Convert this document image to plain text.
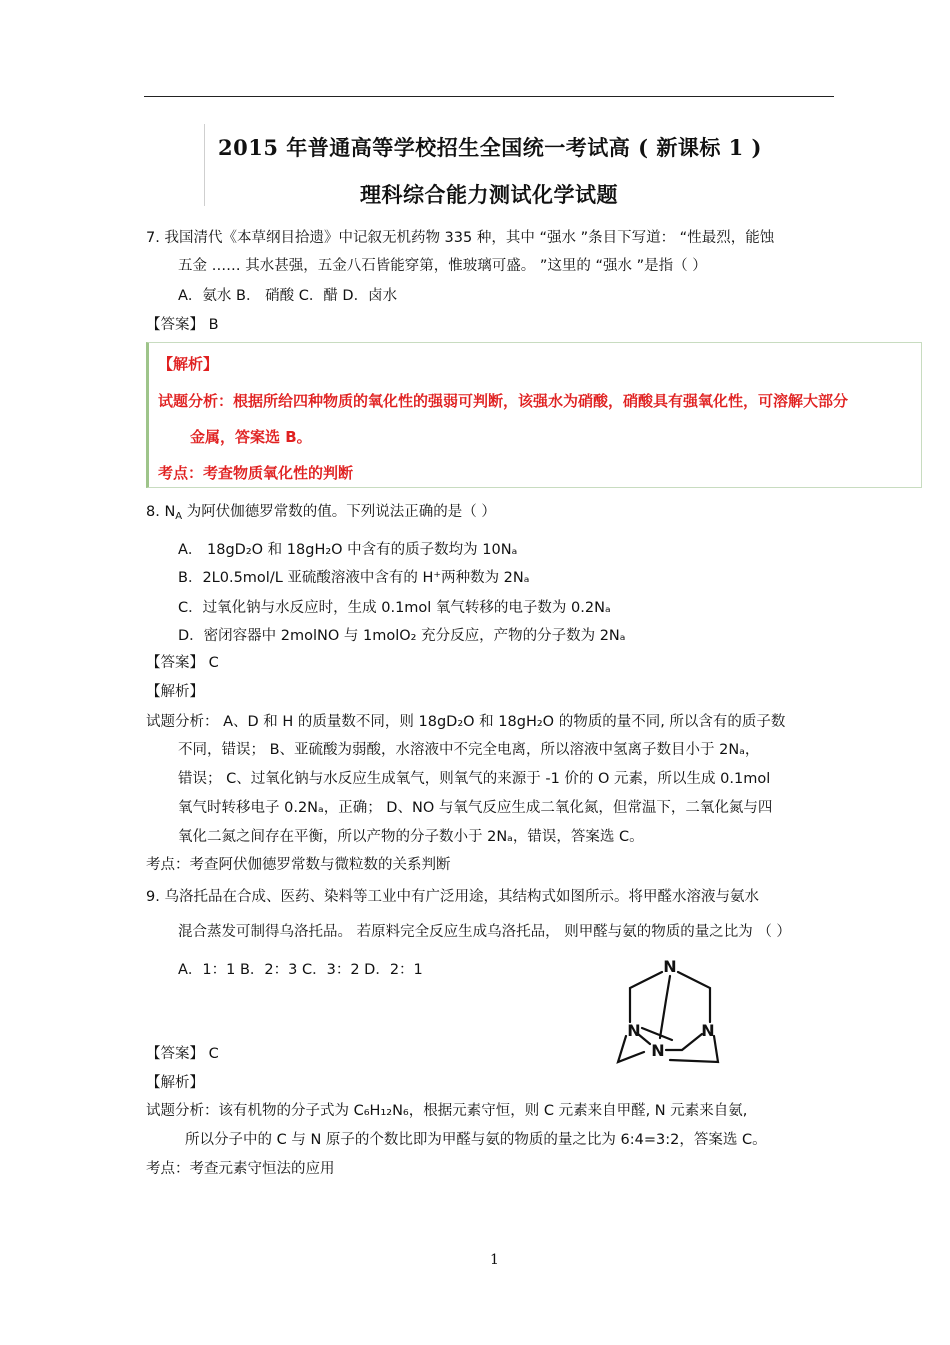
2015 年普通高等学校招生全国统一考试高 ( 新课标 1 )
理科综合能力测试化学试题
7. 我国清代《本草纲目拾遗》中记叙无机药物 335 种，其中 “强水 ”条目下写道： “性最烈，能蚀
五金 …… 其水甚强，五金八石皆能穿第，惟玻璃可盛。 ”这里的 “强水 ”是指（ ）
A．氨水 B． 硝酸 C．醋 D．卤水
【答案】 B
【解析】
试题分析：根据所给四种物质的氧化性的强弱可判断，该强水为硝酸，硝酸具有强氧化性，可溶解大部分
金属，答案选 B。
考点：考查物质氧化性的判断
8. $N_A$ 为阿伏伽德罗常数的值。下列说法正确的是（ ）
A． 18gD₂O 和 18gH₂O 中含有的质子数均为 10Nₐ
B．2L0.5mol/L 亚硫酸溶液中含有的 H⁺两种数为 2Nₐ
C．过氧化钠与水反应时，生成 0.1mol 氧气转移的电子数为 0.2Nₐ
D．密闭容器中 2molNO 与 1molO₂ 充分反应，产物的分子数为 2Nₐ
【答案】 C
【解析】
试题分析： A、D 和 H 的质量数不同，则 18gD₂O 和 18gH₂O 的物质的量不同, 所以含有的质子数
不同，错误； B、亚硫酸为弱酸，水溶液中不完全电离，所以溶液中氢离子数目小于 2Nₐ，
错误； C、过氧化钠与水反应生成氧气，则氧气的来源于 -1 价的 O 元素，所以生成 0.1mol
氧气时转移电子 0.2Nₐ，正确； D、NO 与氧气反应生成二氧化氮，但常温下，二氧化氮与四
氧化二氮之间存在平衡，所以产物的分子数小于 2Nₐ，错误，答案选 C。
考点：考查阿伏伽德罗常数与微粒数的关系判断
9. 乌洛托品在合成、医药、染料等工业中有广泛用途，其结构式如图所示。将甲醛水溶液与氨水
混合蒸发可制得乌洛托品。 若原料完全反应生成乌洛托品， 则甲醛与氨的物质的量之比为 （ ）
A．1：1 B．2：3 C．3：2 D．2：1
【答案】 C
【解析】
试题分析：该有机物的分子式为 C₆H₁₂N₆，根据元素守恒，则 C 元素来自甲醛, N 元素来自氨,
所以分子中的 C 与 N 原子的个数比即为甲醛与氨的物质的量之比为 6:4=3:2，答案选 C。
考点：考查元素守恒法的应用
N
N	N
N
1
